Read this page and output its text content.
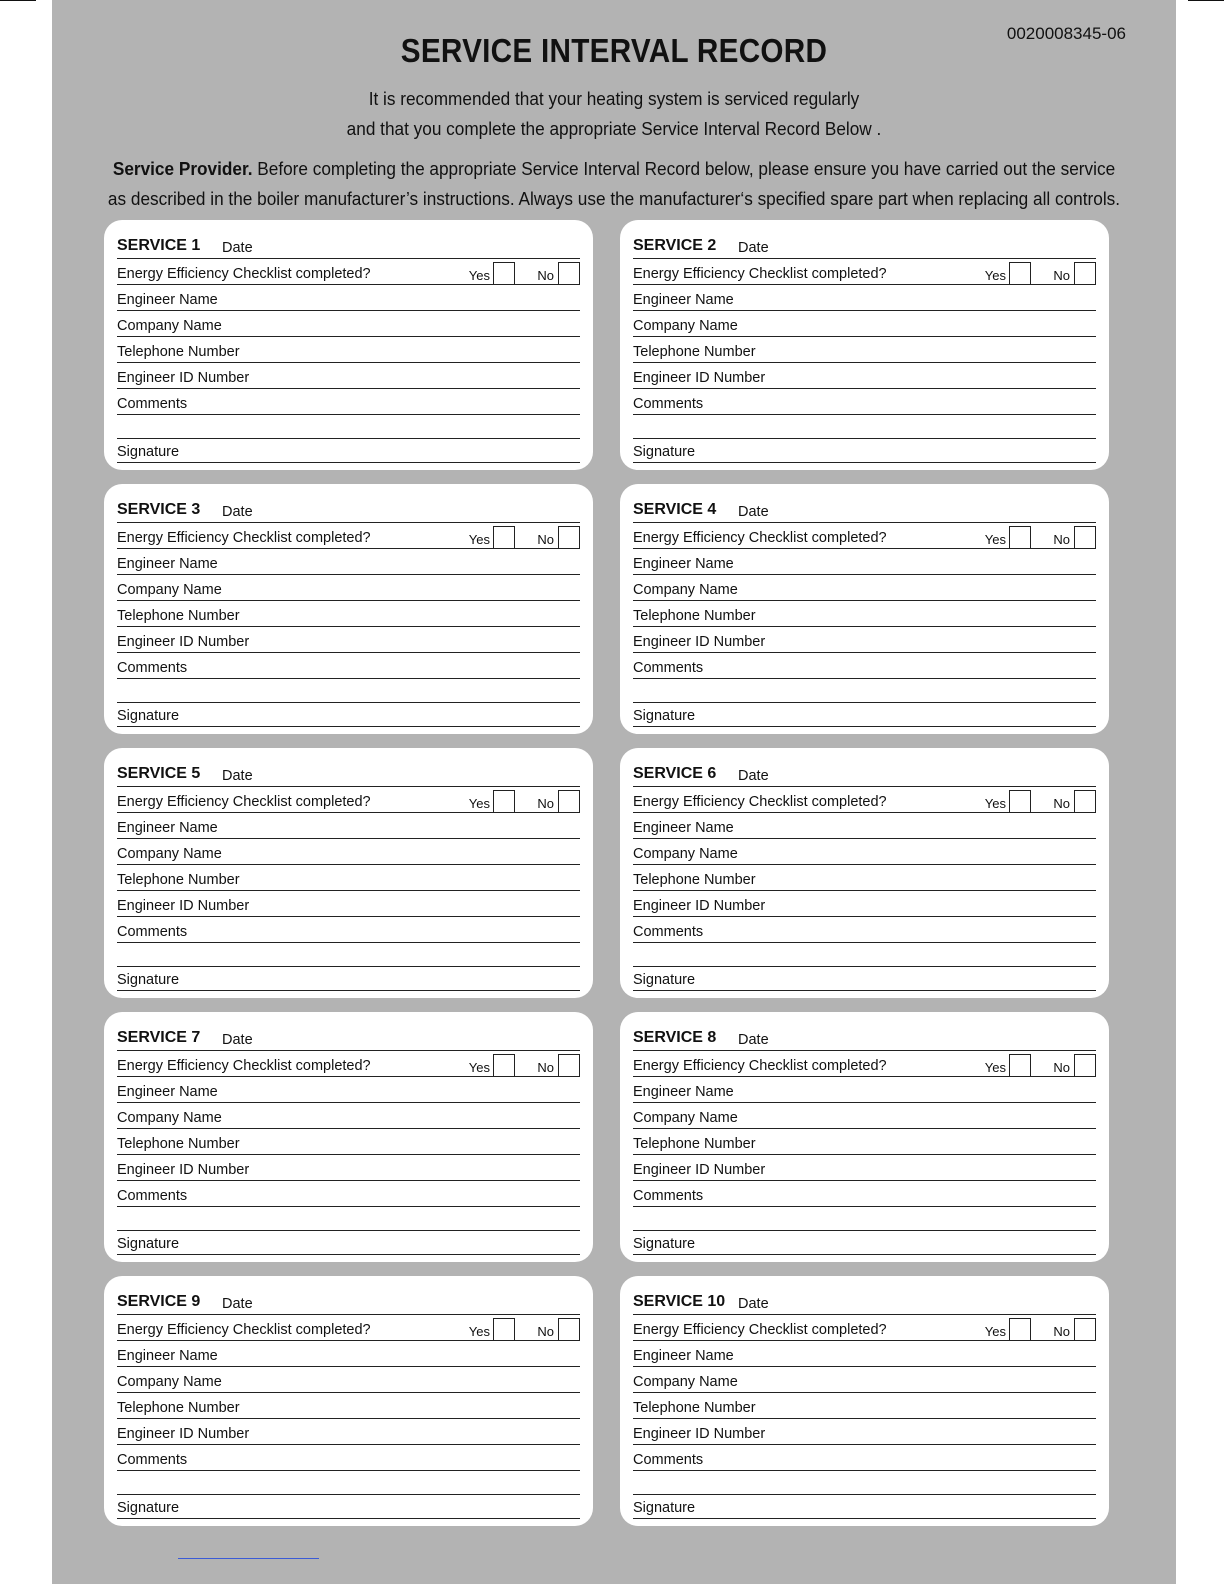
0020008345-06
SERVICE INTERVAL RECORD
It is recommended that your heating system is serviced regularly
and that you complete the appropriate Service Interval Record Below .
Service Provider. Before completing the appropriate Service Interval Record below, please ensure you have carried out the service
as described in the boiler manufacturer’s instructions. Always use the manufacturer‘s specified spare part when replacing all controls.
SERVICE 1 Date
Energy Efficiency Checklist completed?	Yes	No
Engineer Name
Company Name
Telephone Number
Engineer ID Number
Comments
Signature
SERVICE 2 Date
Energy Efficiency Checklist completed?	Yes	No
Engineer Name
Company Name
Telephone Number
Engineer ID Number
Comments
Signature
SERVICE 3 Date
Energy Efficiency Checklist completed?	Yes	No
Engineer Name
Company Name
Telephone Number
Engineer ID Number
Comments
Signature
SERVICE 4 Date
Energy Efficiency Checklist completed?	Yes	No
Engineer Name
Company Name
Telephone Number
Engineer ID Number
Comments
Signature
SERVICE 5 Date
Energy Efficiency Checklist completed?	Yes	No
Engineer Name
Company Name
Telephone Number
Engineer ID Number
Comments
Signature
SERVICE 6 Date
Energy Efficiency Checklist completed?	Yes	No
Engineer Name
Company Name
Telephone Number
Engineer ID Number
Comments
Signature
SERVICE 7 Date
Energy Efficiency Checklist completed?	Yes	No
Engineer Name
Company Name
Telephone Number
Engineer ID Number
Comments
Signature
SERVICE 8 Date
Energy Efficiency Checklist completed?	Yes	No
Engineer Name
Company Name
Telephone Number
Engineer ID Number
Comments
Signature
SERVICE 9 Date
Energy Efficiency Checklist completed?	Yes	No
Engineer Name
Company Name
Telephone Number
Engineer ID Number
Comments
Signature
SERVICE 10 Date
Energy Efficiency Checklist completed?	Yes	No
Engineer Name
Company Name
Telephone Number
Engineer ID Number
Comments
Signature
